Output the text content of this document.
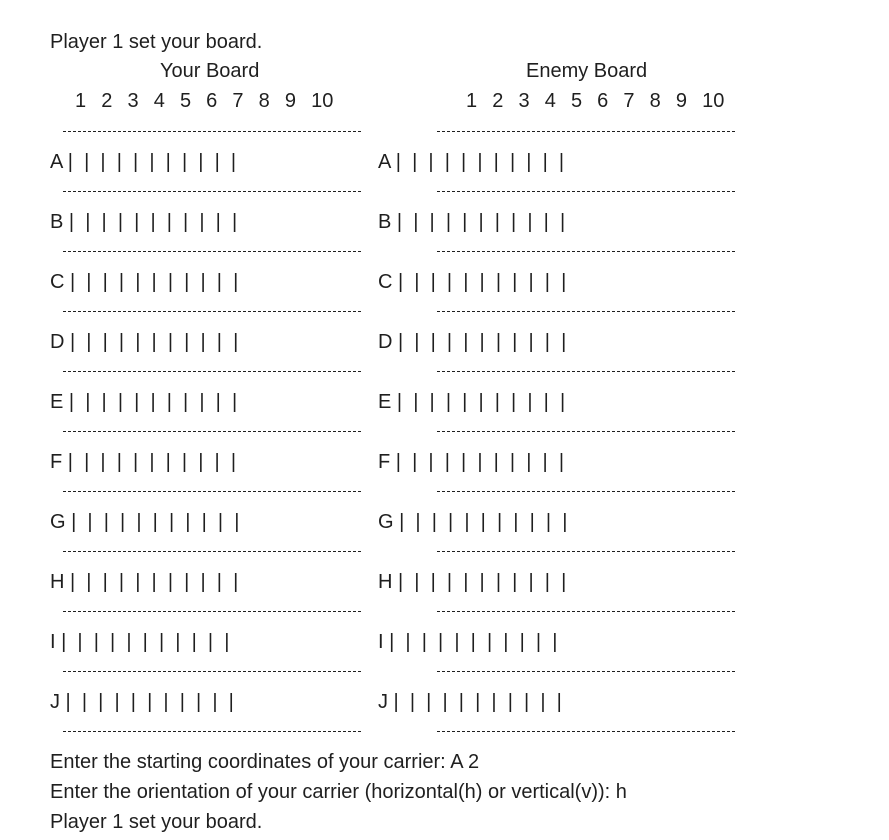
Player 1 set your board.
Your Board	Enemy Board
1  2  3  4  5  6  7  8  9  10	1  2  3  4  5  6  7  8  9  10
A |  |  |  |  |  |  |  |  |  |  |
B |  |  |  |  |  |  |  |  |  |  |
C |  |  |  |  |  |  |  |  |  |  |
D |  |  |  |  |  |  |  |  |  |  |
E |  |  |  |  |  |  |  |  |  |  |
F |  |  |  |  |  |  |  |  |  |  |
G |  |  |  |  |  |  |  |  |  |  |
H |  |  |  |  |  |  |  |  |  |  |
I |  |  |  |  |  |  |  |  |  |  |
J |  |  |  |  |  |  |  |  |  |  |
A |  |  |  |  |  |  |  |  |  |  |
B |  |  |  |  |  |  |  |  |  |  |
C |  |  |  |  |  |  |  |  |  |  |
D |  |  |  |  |  |  |  |  |  |  |
E |  |  |  |  |  |  |  |  |  |  |
F |  |  |  |  |  |  |  |  |  |  |
G |  |  |  |  |  |  |  |  |  |  |
H |  |  |  |  |  |  |  |  |  |  |
I |  |  |  |  |  |  |  |  |  |  |
J |  |  |  |  |  |  |  |  |  |  |
Enter the starting coordinates of your carrier: A 2
Enter the orientation of your carrier (horizontal(h) or vertical(v)): h
Player 1 set your board.
